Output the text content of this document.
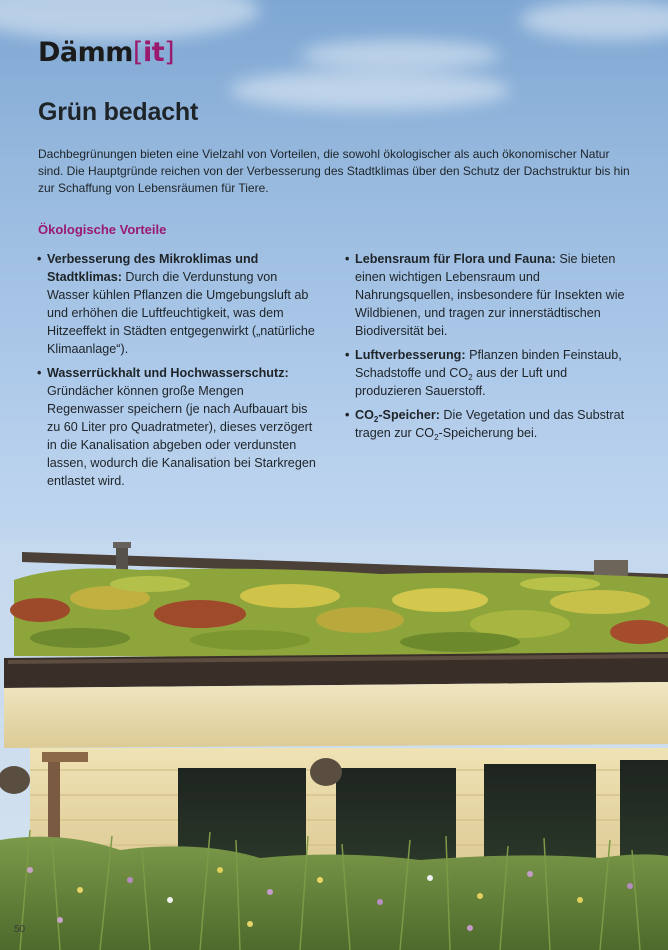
Dämm[it]
Grün bedacht

Dachbegrünungen bieten eine Vielzahl von Vorteilen, die sowohl ökologischer als auch ökonomischer Natur sind. Die Hauptgründe reichen von der Verbesserung des Stadtklimas über den Schutz der Dachstruktur bis hin zur Schaffung von Lebensräumen für Tiere.

Ökologische Vorteile
• Verbesserung des Mikroklimas und Stadtklimas: Durch die Verdunstung von Wasser kühlen Pflanzen die Umgebungsluft ab und erhöhen die Luftfeuchtigkeit, was dem Hitzeeffekt in Städten entgegenwirkt („natürliche Klimaanlage“).
• Wasserrückhalt und Hochwasserschutz: Gründächer können große Mengen Regenwasser speichern (je nach Aufbauart bis zu 60 Liter pro Quadratmeter), dieses verzögert in die Kanalisation abgeben oder verdunsten lassen, wodurch die Kanalisation bei Starkregen entlastet wird.
• Lebensraum für Flora und Fauna: Sie bieten einen wichtigen Lebensraum und Nahrungsquellen, insbesondere für Insekten wie Wildbienen, und tragen zur innerstädtischen Biodiversität bei.
• Luftverbesserung: Pflanzen binden Feinstaub, Schadstoffe und $CO_2$ aus der Luft und produzieren Sauerstoff.
• $CO_2$-Speicher: Die Vegetation und das Substrat tragen zur $CO_2$-Speicherung bei.
50
